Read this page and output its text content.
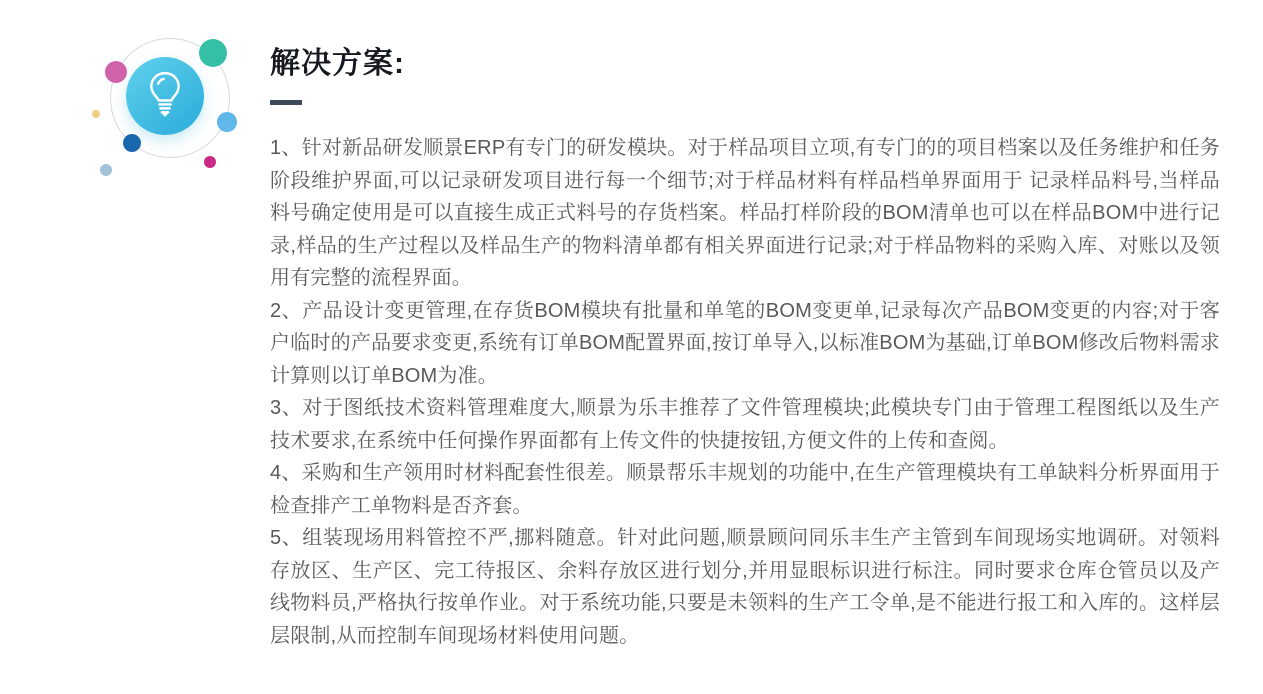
解决方案:

1、针对新品研发顺景ERP有专门的研发模块。对于样品项目立项,有专门的的项目档案以及任务维护和任务阶段维护界面,可以记录研发项目进行每一个细节;对于样品材料有样品档单界面用于 记录样品料号,当样品料号确定使用是可以直接生成正式料号的存货档案。样品打样阶段的BOM清单也可以在样品BOM中进行记录,样品的生产过程以及样品生产的物料清单都有相关界面进行记录;对于样品物料的采购入库、对账以及领用有完整的流程界面。

2、产品设计变更管理,在存货BOM模块有批量和单笔的BOM变更单,记录每次产品BOM变更的内容;对于客户临时的产品要求变更,系统有订单BOM配置界面,按订单导入,以标准BOM为基础,订单BOM修改后物料需求计算则以订单BOM为准。

3、对于图纸技术资料管理难度大,顺景为乐丰推荐了文件管理模块;此模块专门由于管理工程图纸以及生产技术要求,在系统中任何操作界面都有上传文件的快捷按钮,方便文件的上传和查阅。

4、采购和生产领用时材料配套性很差。顺景帮乐丰规划的功能中,在生产管理模块有工单缺料分析界面用于检查排产工单物料是否齐套。

5、组装现场用料管控不严,挪料随意。针对此问题,顺景顾问同乐丰生产主管到车间现场实地调研。对领料存放区、生产区、完工待报区、余料存放区进行划分,并用显眼标识进行标注。同时要求仓库仓管员以及产线物料员,严格执行按单作业。对于系统功能,只要是未领料的生产工令单,是不能进行报工和入库的。这样层层限制,从而控制车间现场材料使用问题。
